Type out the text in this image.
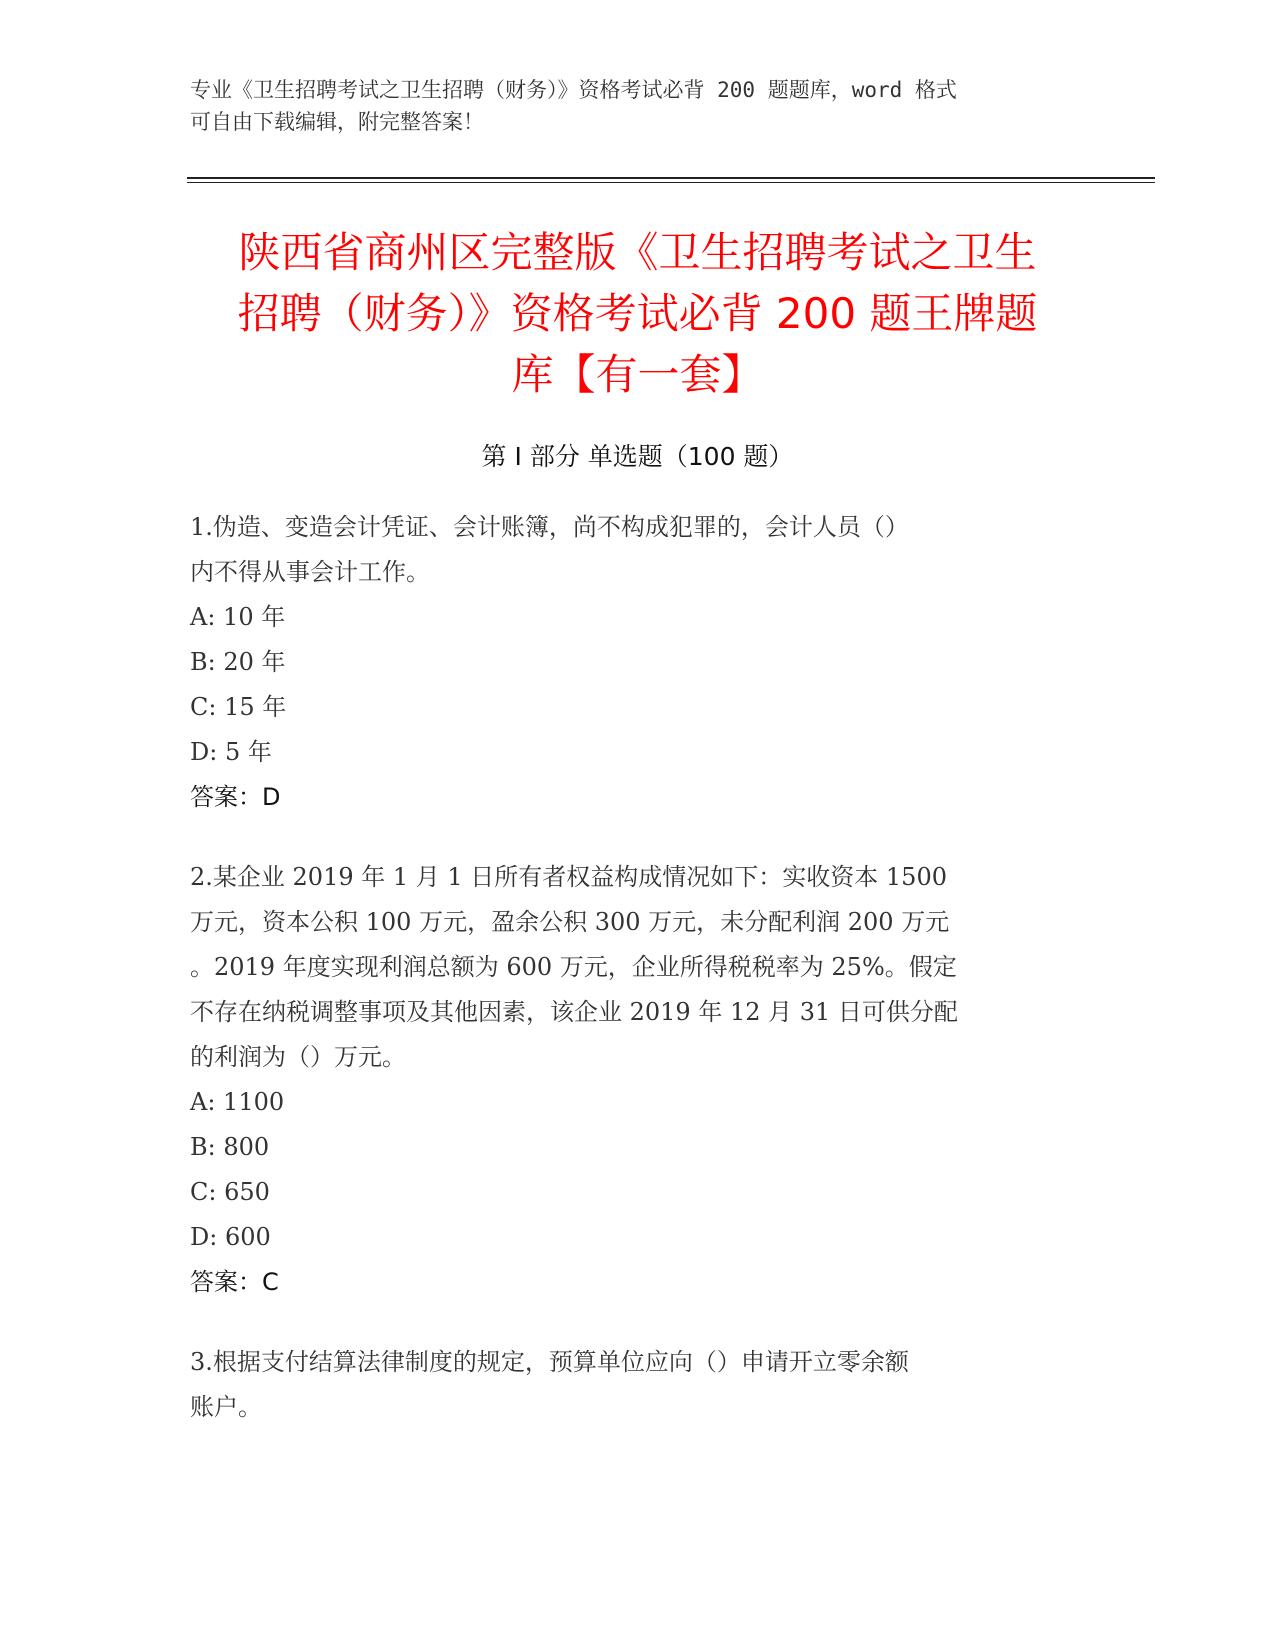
专业《卫生招聘考试之卫生招聘（财务）》资格考试必背 200 题题库，word 格式
可自由下载编辑，附完整答案！
陕西省商州区完整版《卫生招聘考试之卫生
招聘（财务）》资格考试必背 200 题王牌题
库【有一套】
第 I 部分 单选题（100 题）
1.伪造、变造会计凭证、会计账簿，尚不构成犯罪的，会计人员（）
内不得从事会计工作。
A: 10 年
B: 20 年
C: 15 年
D: 5 年
答案：D
2.某企业 2019 年 1 月 1 日所有者权益构成情况如下：实收资本 1500
万元，资本公积 100 万元，盈余公积 300 万元，未分配利润 200 万元
。2019 年度实现利润总额为 600 万元，企业所得税税率为 25%。假定
不存在纳税调整事项及其他因素，该企业 2019 年 12 月 31 日可供分配
的利润为（）万元。
A: 1100
B: 800
C: 650
D: 600
答案：C
3.根据支付结算法律制度的规定，预算单位应向（）申请开立零余额
账户。
